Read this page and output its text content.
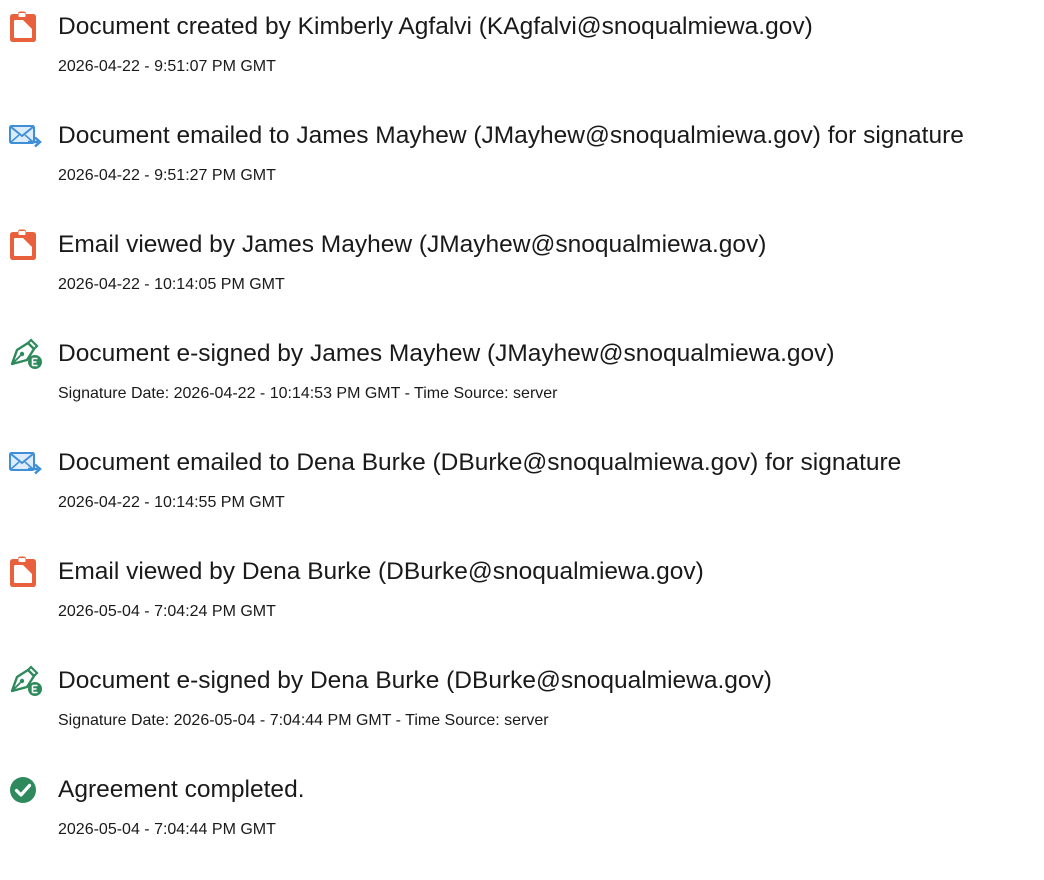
Document created by Kimberly Agfalvi (KAgfalvi@snoqualmiewa.gov)
2026-04-22 - 9:51:07 PM GMT
Document emailed to James Mayhew (JMayhew@snoqualmiewa.gov) for signature
2026-04-22 - 9:51:27 PM GMT
Email viewed by James Mayhew (JMayhew@snoqualmiewa.gov)
2026-04-22 - 10:14:05 PM GMT
Document e-signed by James Mayhew (JMayhew@snoqualmiewa.gov)
Signature Date: 2026-04-22 - 10:14:53 PM GMT - Time Source: server
Document emailed to Dena Burke (DBurke@snoqualmiewa.gov) for signature
2026-04-22 - 10:14:55 PM GMT
Email viewed by Dena Burke (DBurke@snoqualmiewa.gov)
2026-05-04 - 7:04:24 PM GMT
Document e-signed by Dena Burke (DBurke@snoqualmiewa.gov)
Signature Date: 2026-05-04 - 7:04:44 PM GMT - Time Source: server
Agreement completed.
2026-05-04 - 7:04:44 PM GMT
